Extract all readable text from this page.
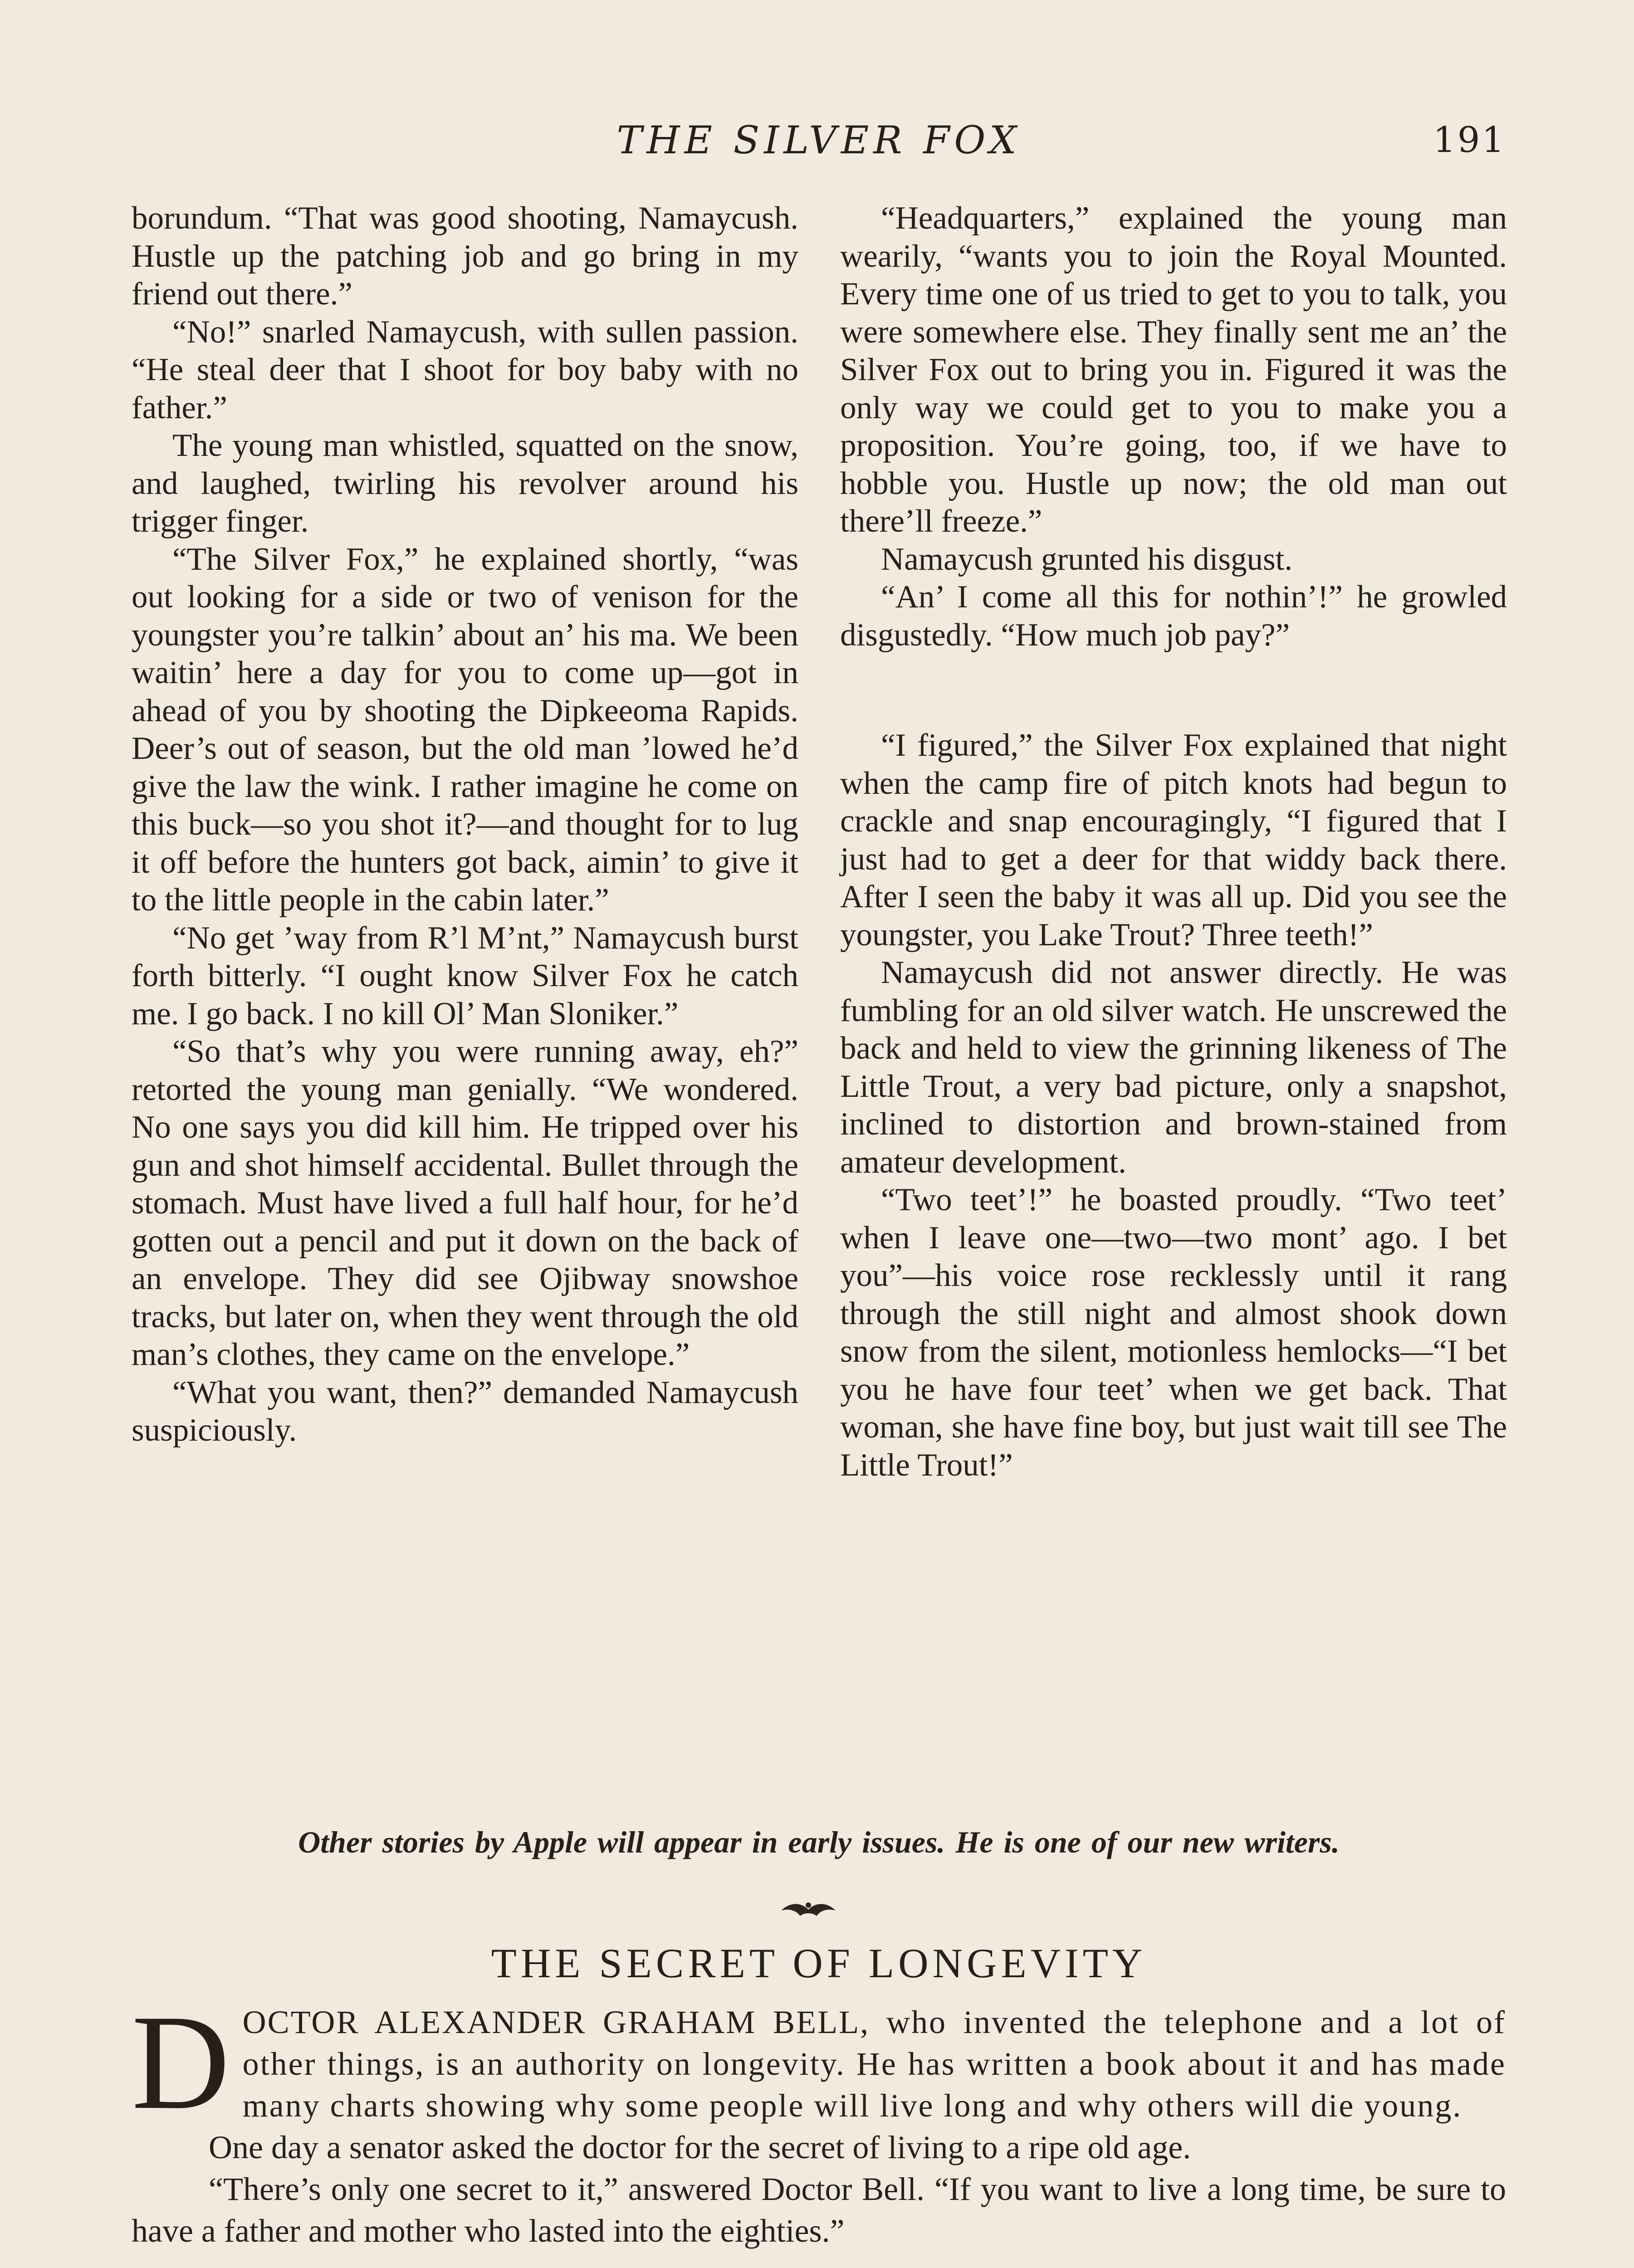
THE SILVER FOX	191

borundum. “That was good shooting, Namaycush. Hustle up the patching job and go bring in my friend out there.”

“No!” snarled Namaycush, with sullen passion. “He steal deer that I shoot for boy baby with no father.”

The young man whistled, squatted on the snow, and laughed, twirling his revolver around his trigger finger.

“The Silver Fox,” he explained shortly, “was out looking for a side or two of venison for the youngster you’re talkin’ about an’ his ma. We been waitin’ here a day for you to come up—got in ahead of you by shooting the Dipkeeoma Rapids. Deer’s out of season, but the old man ’lowed he’d give the law the wink. I rather imagine he come on this buck—so you shot it?—and thought for to lug it off before the hunters got back, aimin’ to give it to the little people in the cabin later.”

“No get ’way from R’l M’nt,” Namaycush burst forth bitterly. “I ought know Silver Fox he catch me. I go back. I no kill Ol’ Man Sloniker.”

“So that’s why you were running away, eh?” retorted the young man genially. “We wondered. No one says you did kill him. He tripped over his gun and shot himself accidental. Bullet through the stomach. Must have lived a full half hour, for he’d gotten out a pencil and put it down on the back of an envelope. They did see Ojibway snowshoe tracks, but later on, when they went through the old man’s clothes, they came on the envelope.”

“What you want, then?” demanded Namaycush suspiciously.

“Headquarters,” explained the young man wearily, “wants you to join the Royal Mounted. Every time one of us tried to get to you to talk, you were somewhere else. They finally sent me an’ the Silver Fox out to bring you in. Figured it was the only way we could get to you to make you a proposition. You’re going, too, if we have to hobble you. Hustle up now; the old man out there’ll freeze.”

Namaycush grunted his disgust.

“An’ I come all this for nothin’!” he growled disgustedly. “How much job pay?”

“I figured,” the Silver Fox explained that night when the camp fire of pitch knots had begun to crackle and snap encouragingly, “I figured that I just had to get a deer for that widdy back there. After I seen the baby it was all up. Did you see the youngster, you Lake Trout? Three teeth!”

Namaycush did not answer directly. He was fumbling for an old silver watch. He unscrewed the back and held to view the grinning likeness of The Little Trout, a very bad picture, only a snapshot, inclined to distortion and brown-stained from amateur development.

“Two teet’!” he boasted proudly. “Two teet’ when I leave one—two—two mont’ ago. I bet you”—his voice rose recklessly until it rang through the still night and almost shook down snow from the silent, motionless hemlocks—“I bet you he have four teet’ when we get back. That woman, she have fine boy, but just wait till see The Little Trout!”

Other stories by Apple will appear in early issues. He is one of our new writers.
THE SECRET OF LONGEVITY

DOCTOR ALEXANDER GRAHAM BELL, who invented the telephone and a lot of other things, is an authority on longevity. He has written a book about it and has made many charts showing why some people will live long and why others will die young.

One day a senator asked the doctor for the secret of living to a ripe old age.

“There’s only one secret to it,” answered Doctor Bell. “If you want to live a long time, be sure to have a father and mother who lasted into the eighties.”
